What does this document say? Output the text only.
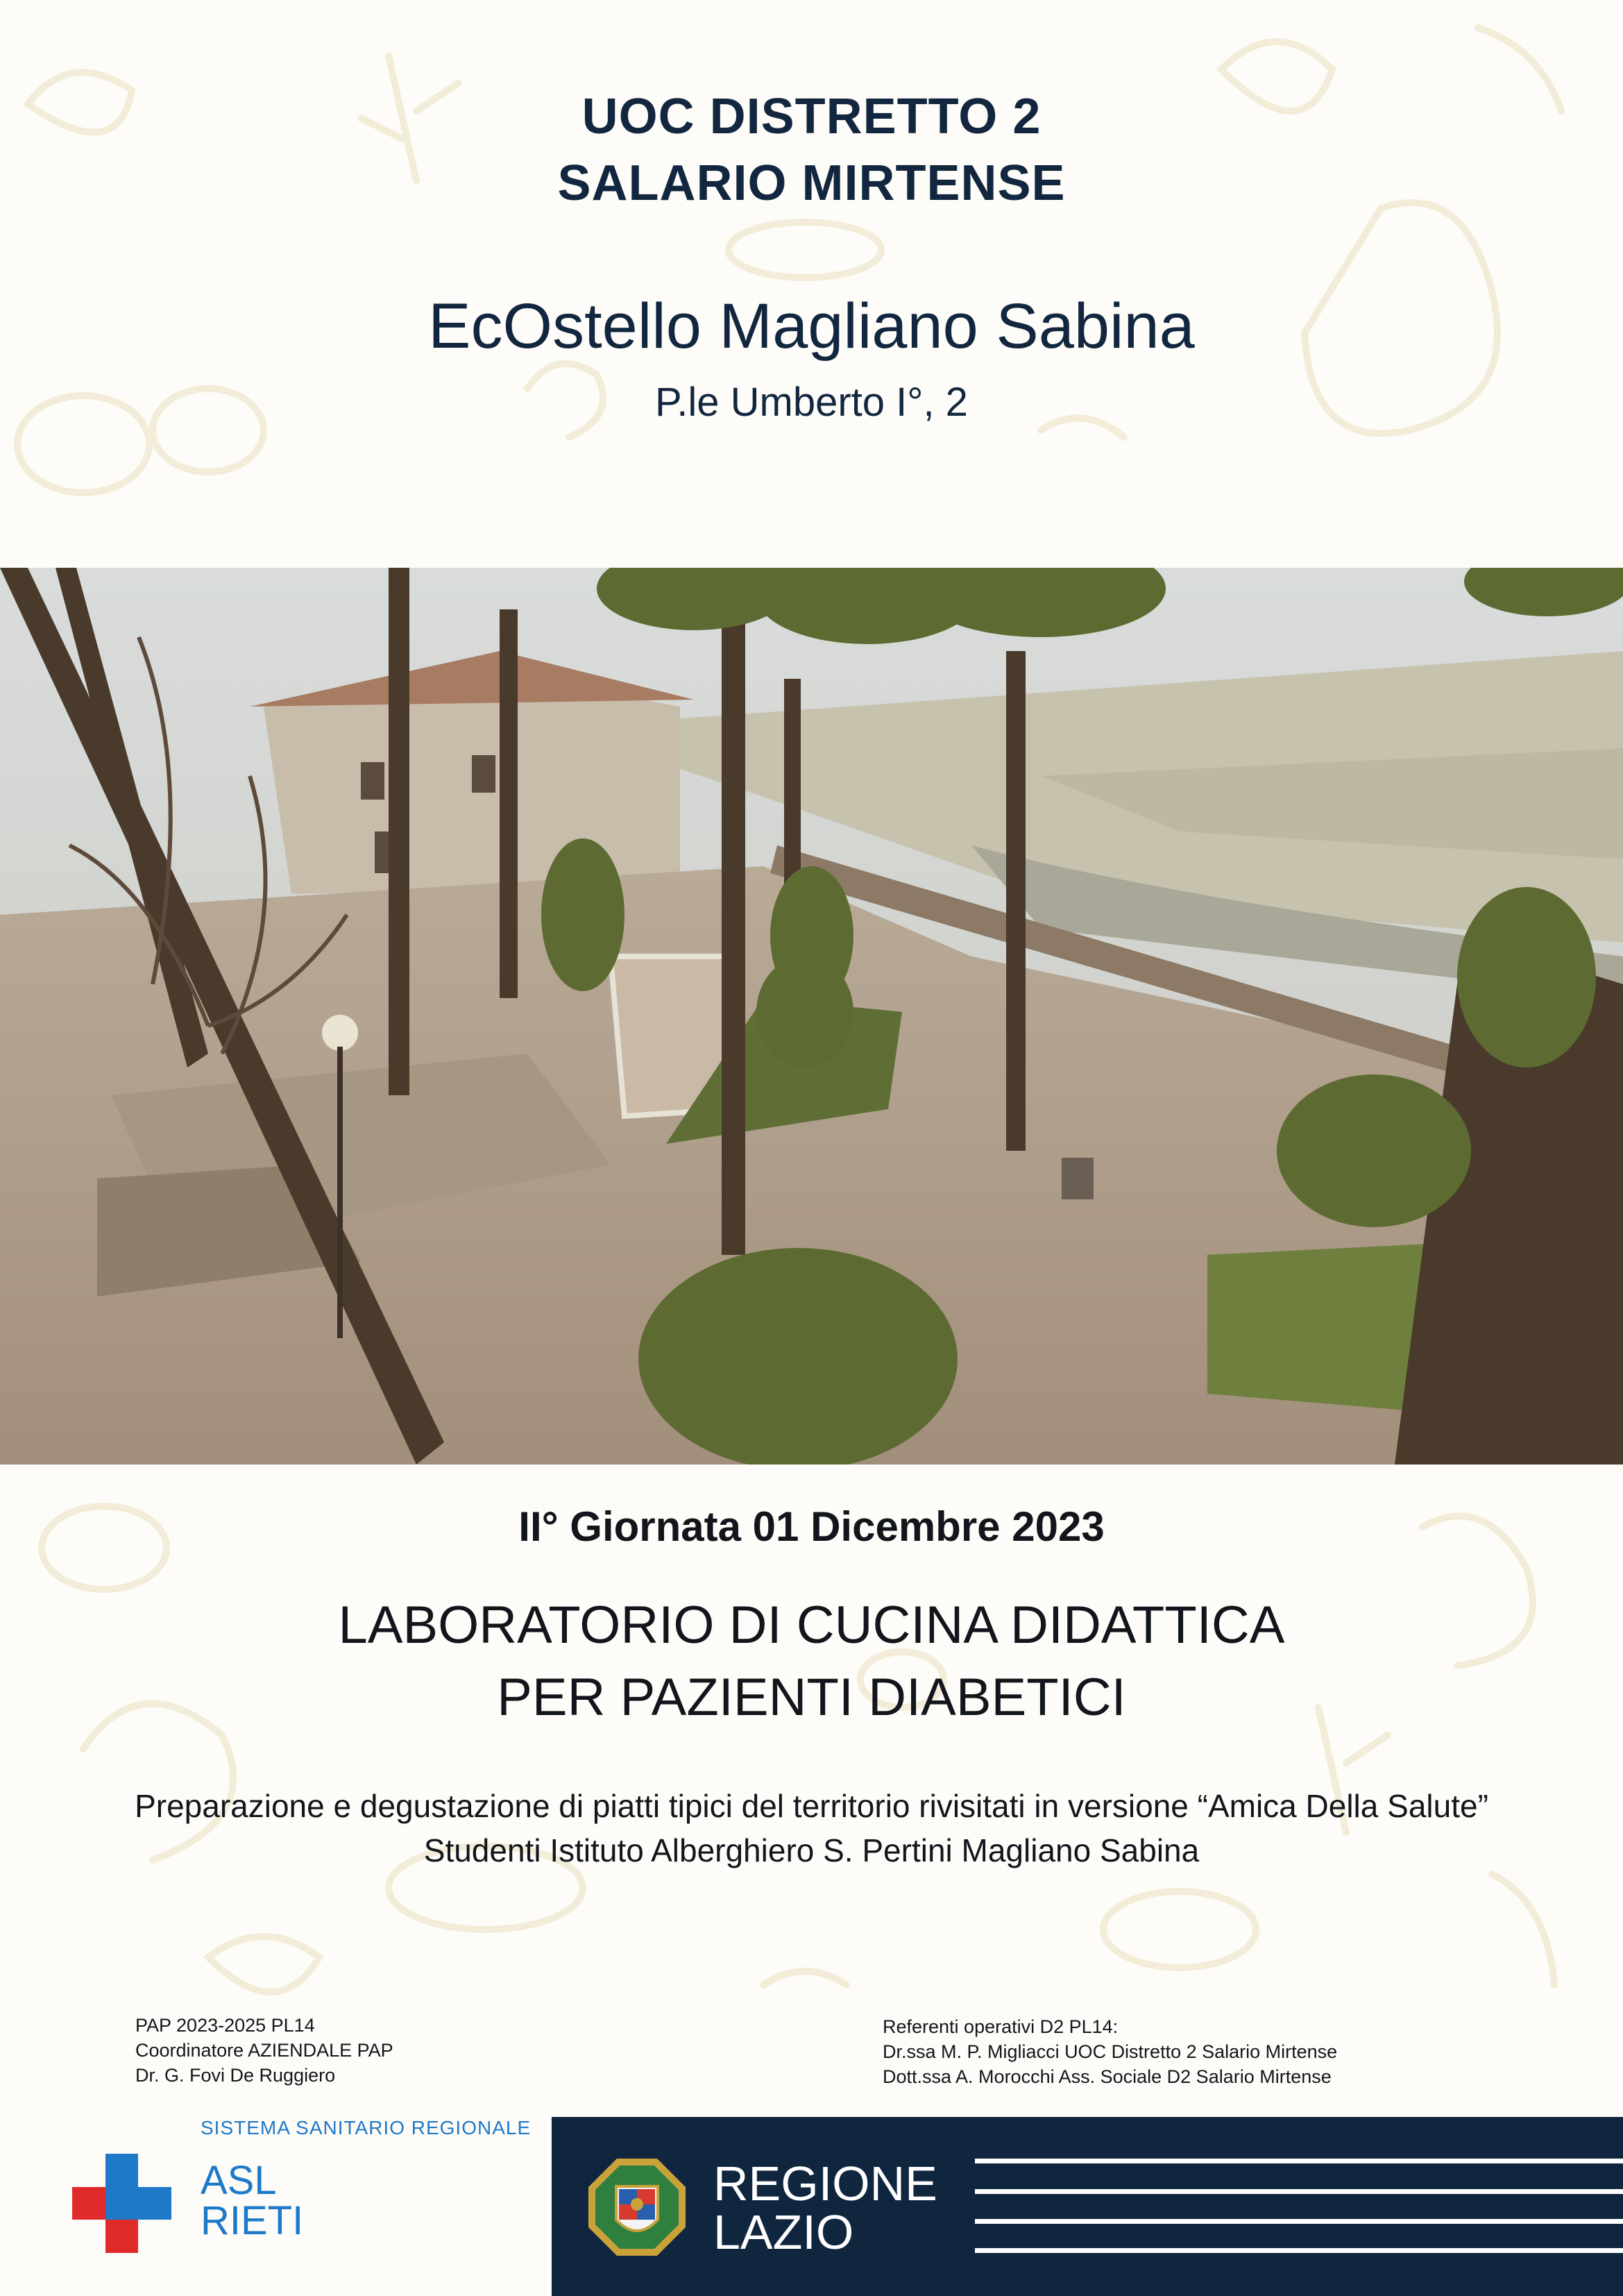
UOC DISTRETTO 2
SALARIO MIRTENSE
EcOstello Magliano Sabina
P.le Umberto I°, 2
II° Giornata 01 Dicembre 2023
LABORATORIO DI CUCINA DIDATTICA
PER PAZIENTI DIABETICI
Preparazione e degustazione di piatti tipici del territorio rivisitati in versione “Amica Della Salute”
Studenti Istituto Alberghiero S. Pertini Magliano Sabina
PAP 2023-2025 PL14
Coordinatore AZIENDALE PAP
Dr. G. Fovi De Ruggiero
Referenti operativi D2 PL14:
Dr.ssa M. P. Migliacci UOC Distretto 2 Salario Mirtense
Dott.ssa A. Morocchi Ass. Sociale D2 Salario Mirtense
SISTEMA SANITARIO REGIONALE
ASL
RIETI
REGIONE
LAZIO
